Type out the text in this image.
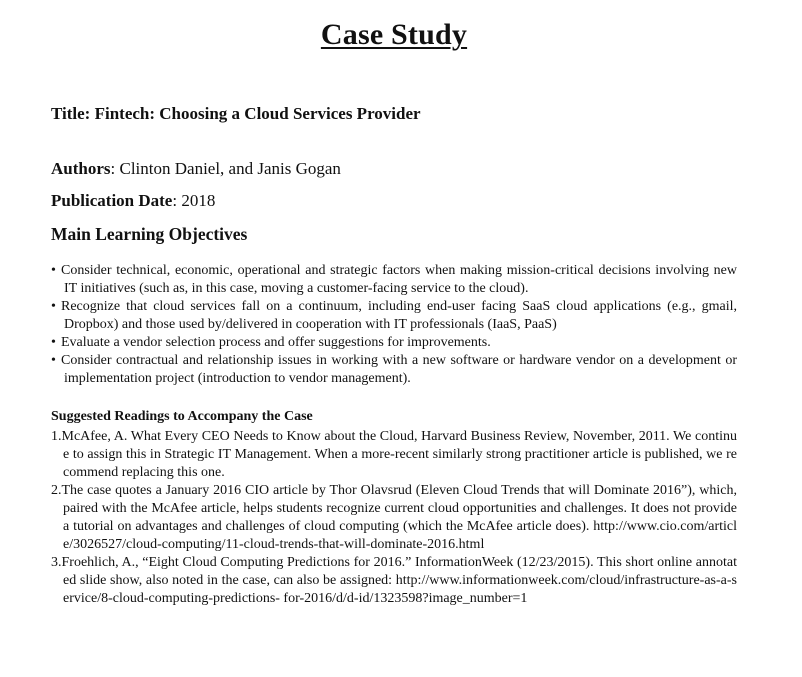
Case Study
Title: Fintech: Choosing a Cloud Services Provider
Authors: Clinton Daniel, and Janis Gogan
Publication Date: 2018
Main Learning Objectives

• Consider technical, economic, operational and strategic factors when making mission-critical decisions involving new IT initiatives (such as, in this case, moving a customer-facing service to the cloud).

• Recognize that cloud services fall on a continuum, including end-user facing SaaS cloud applications (e.g., gmail, Dropbox) and those used by/delivered in cooperation with IT professionals (IaaS, PaaS)

• Evaluate a vendor selection process and offer suggestions for improvements.

• Consider contractual and relationship issues in working with a new software or hardware vendor on a development or implementation project (introduction to vendor management).

Suggested Readings to Accompany the Case

1.McAfee, A. What Every CEO Needs to Know about the Cloud, Harvard Business Review, November, 2011. We continue to assign this in Strategic IT Management. When a more-recent similarly strong practitioner article is published, we recommend replacing this one.

2.The case quotes a January 2016 CIO article by Thor Olavsrud (Eleven Cloud Trends that will Dominate 2016”), which, paired with the McAfee article, helps students recognize current cloud opportunities and challenges. It does not provide a tutorial on advantages and challenges of cloud computing (which the McAfee article does). http://www.cio.com/article/3026527/cloud-computing/11-cloud-trends-that-will-dominate-2016.html

3.Froehlich, A., “Eight Cloud Computing Predictions for 2016.” InformationWeek (12/23/2015). This short online annotated slide show, also noted in the case, can also be assigned: http://www.informationweek.com/cloud/infrastructure-as-a-service/8-cloud-computing-predictions- for-2016/d/d-id/1323598?image_number=1
